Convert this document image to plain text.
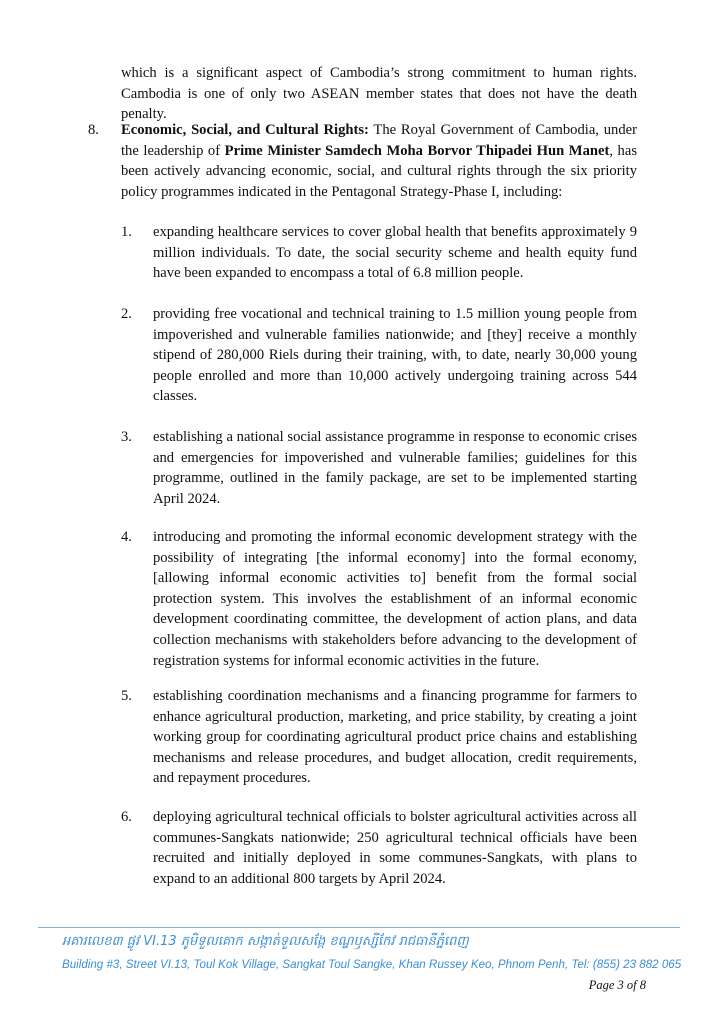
which is a significant aspect of Cambodia’s strong commitment to human rights. Cambodia is one of only two ASEAN member states that does not have the death penalty.
8. Economic, Social, and Cultural Rights: The Royal Government of Cambodia, under the leadership of Prime Minister Samdech Moha Borvor Thipadei Hun Manet, has been actively advancing economic, social, and cultural rights through the six priority policy programmes indicated in the Pentagonal Strategy-Phase I, including:
1. expanding healthcare services to cover global health that benefits approximately 9 million individuals. To date, the social security scheme and health equity fund have been expanded to encompass a total of 6.8 million people.
2. providing free vocational and technical training to 1.5 million young people from impoverished and vulnerable families nationwide; and [they] receive a monthly stipend of 280,000 Riels during their training, with, to date, nearly 30,000 young people enrolled and more than 10,000 actively undergoing training across 544 classes.
3. establishing a national social assistance programme in response to economic crises and emergencies for impoverished and vulnerable families; guidelines for this programme, outlined in the family package, are set to be implemented starting April 2024.
4. introducing and promoting the informal economic development strategy with the possibility of integrating [the informal economy] into the formal economy, [allowing informal economic activities to] benefit from the formal social protection system. This involves the establishment of an informal economic development coordinating committee, the development of action plans, and data collection mechanisms with stakeholders before advancing to the development of registration systems for informal economic activities in the future.
5. establishing coordination mechanisms and a financing programme for farmers to enhance agricultural production, marketing, and price stability, by creating a joint working group for coordinating agricultural product price chains and establishing mechanisms and release procedures, and budget allocation, credit requirements, and repayment procedures.
6. deploying agricultural technical officials to bolster agricultural activities across all communes-Sangkats nationwide; 250 agricultural technical officials have been recruited and initially deployed in some communes-Sangkats, with plans to expand to an additional 800 targets by April 2024.
អគារលេខ៣ ផ្លូវ VI.13 ភូមិទួលគោក សង្កាត់ទួលសង្កែ ខណ្ឌឫស្សីកែវ រាជធានីភ្នំពេញ
Building #3, Street VI.13, Toul Kok Village, Sangkat Toul Sangke, Khan Russey Keo, Phnom Penh, Tel: (855) 23 882 065
Page 3 of 8
